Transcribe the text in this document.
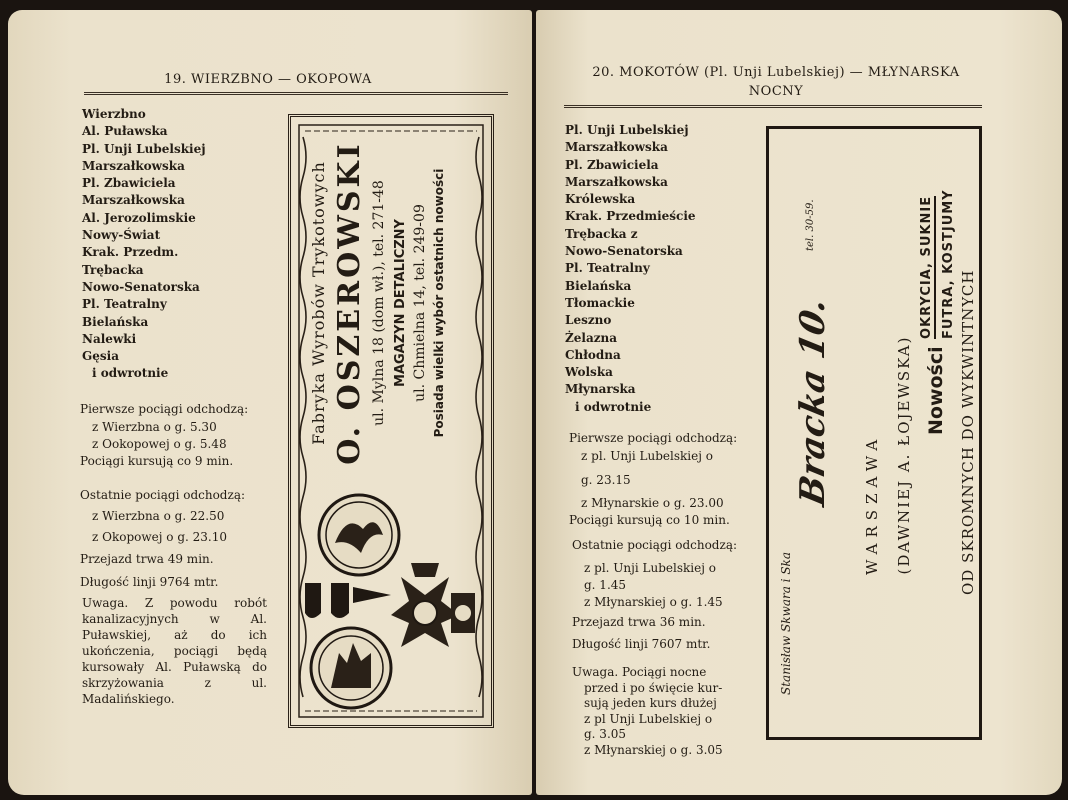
19. WIERZBNO — OKOPOWA
Wierzbno
Al. Puławska
Pl. Unji Lubelskiej
Marszałkowska
Pl. Zbawiciela
Marszałkowska
Al. Jerozolimskie
Nowy-Świat
Krak. Przedm.
Trębacka
Nowo-Senatorska
Pl. Teatralny
Bielańska
Nalewki
Gęsia
i odwrotnie
Pierwsze pociągi odchodzą:
z Wierzbna o g. 5.30
z Ookopowej o g. 5.48
Pociągi kursują co 9 min.
Ostatnie pociągi odchodzą:
z Wierzbna o g. 22.50
z Okopowej o g. 23.10
Przejazd trwa 49 min.
Długość linji 9764 mtr.
Uwaga. Z powodu robót kanalizacyjnych w Al. Puławskiej, aż do ich ukończenia, pociągi będą kursowały Al. Puławską do skrzyżowania z ul. Madalińskiego.
Fabryka Wyrobów Trykotowych O. OSZEROWSKI ul. Mylna 18 (dom wł.), tel. 271-48 MAGAZYN DETALICZNY ul. Chmielna 14, tel. 249-09 Posiada wielki wybór ostatnich nowości
20. MOKOTÓW (Pl. Unji Lubelskiej) — MŁYNARSKA
NOCNY
Pl. Unji Lubelskiej
Marszałkowska
Pl. Zbawiciela
Marszałkowska
Królewska
Krak. Przedmieście
Trębacka z
Nowo-Senatorska
Pl. Teatralny
Bielańska
Tłomackie
Leszno
Żelazna
Chłodna
Wolska
Młynarska
i odwrotnie
Pierwsze pociągi odchodzą:
z pl. Unji Lubelskiej o
g. 23.15
z Młynarskie o g. 23.00
Pociągi kursują co 10 min.
Ostatnie pociągi odchodzą:
z pl. Unji Lubelskiej o
g. 1.45
z Młynarskiej o g. 1.45
Przejazd trwa 36 min.
Długość linji 7607 mtr.
Uwaga. Pociągi nocne
przed i po święcie kur-
sują jeden kurs dłużej
z pl Unji Lubelskiej o
g. 3.05
z Młynarskiej o g. 3.05
Stanisław Skwara i Ska
Bracka 10.
tel. 30-59.
WARSZAWA (DAWNIEJ A. ŁOJEWSKA) Nowości
OKRYCIA, SUKNIE FUTRA, KOSTJUMY
OD SKROMNYCH DO WYKWINTNYCH
